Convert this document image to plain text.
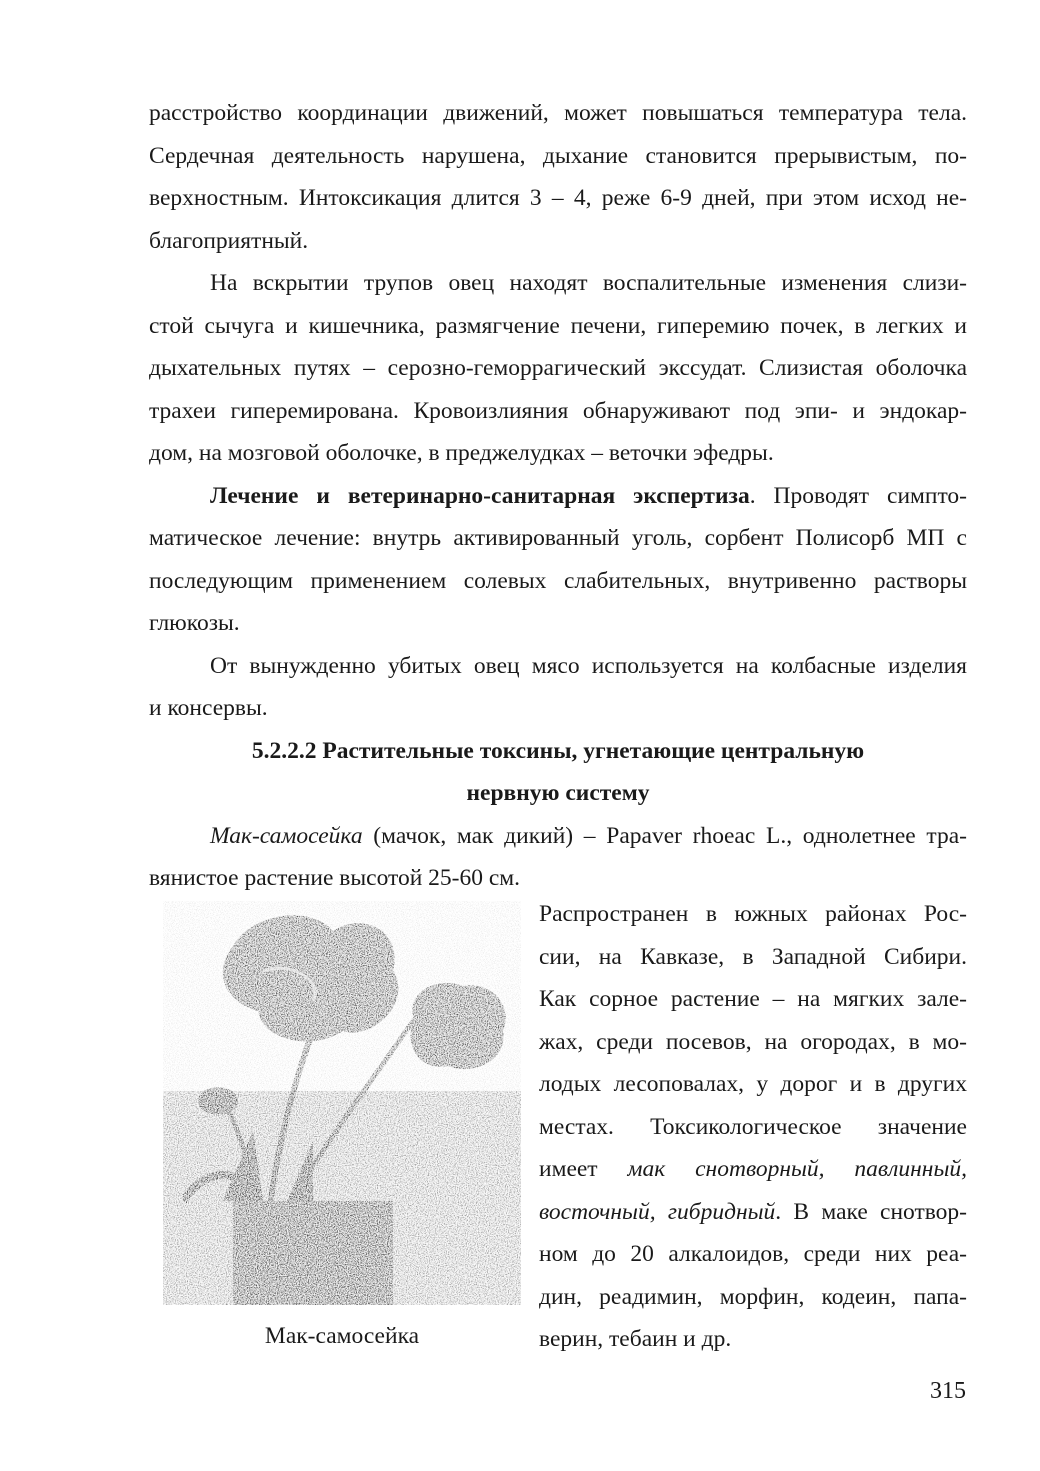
расстройство координации движений, может повышаться температура тела.

Сердечная деятельность нарушена, дыхание становится прерывистым, по-

верхностным. Интоксикация длится 3 – 4, реже 6-9 дней, при этом исход не-

благоприятный.

На вскрытии трупов овец находят воспалительные изменения слизи-

стой сычуга и кишечника, размягчение печени, гиперемию почек, в легких и

дыхательных путях – серозно-геморрагический экссудат. Слизистая оболочка

трахеи гиперемирована. Кровоизлияния обнаруживают под эпи- и эндокар-

дом, на мозговой оболочке, в преджелудках – веточки эфедры.

Лечение и ветеринарно-санитарная экспертиза. Проводят симпто-

матическое лечение: внутрь активированный уголь, сорбент Полисорб МП с

последующим применением солевых слабительных, внутривенно растворы

глюкозы.

От вынужденно убитых овец мясо используется на колбасные изделия

и консервы.

5.2.2.2 Растительные токсины, угнетающие центральную

нервную систему

Мак-самосейка (мачок, мак дикий) – Papaver rhoeac L., однолетнее тра-

вянистое растение высотой 25-60 см.

Мак-самосейка

Распространен в южных районах Рос-

сии, на Кавказе, в Западной Сибири.

Как сорное растение – на мягких зале-

жах, среди посевов, на огородах, в мо-

лодых лесоповалах, у дорог и в других

местах. Токсикологическое значение

имеет мак снотворный, павлинный,

восточный, гибридный. В маке снотвор-

ном до 20 алкалоидов, среди них реа-

дин, реадимин, морфин, кодеин, папа-

верин, тебаин и др.

315
